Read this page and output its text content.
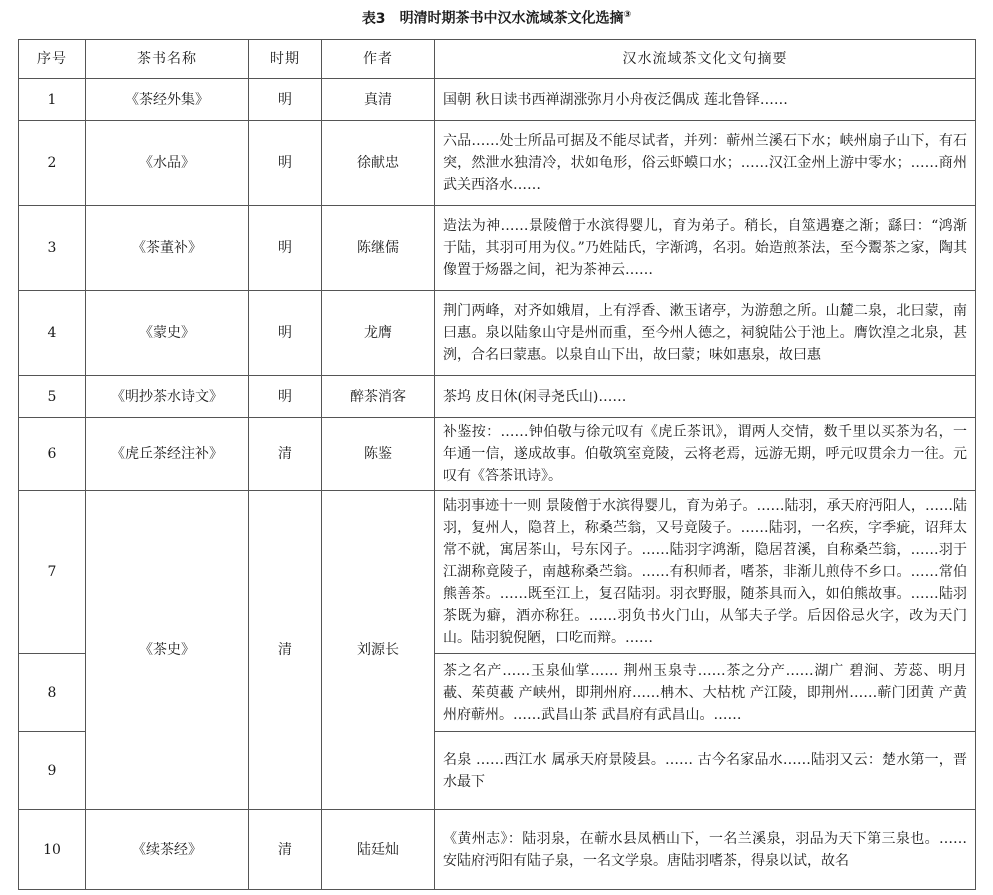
表3 明清时期茶书中汉水流域茶文化选摘③
序号	茶书名称	时期	作者	汉水流域茶文化文句摘要
1	《茶经外集》	明	真清	国朝 秋日读书西禅湖涨弥月小舟夜泛偶成 莲北鲁铎……
2	《水品》	明	徐献忠	六品……处士所品可据及不能尽试者，并列：蕲州兰溪石下水；峡州扇子山下，有石突，然泄水独清冷，状如龟形，俗云虾蟆口水；……汉江金州上游中零水；……商州武关西洛水……
3	《茶董补》	明	陈继儒	造法为神……景陵僧于水滨得婴儿，育为弟子。稍长，自筮遇蹇之渐；繇曰：“鸿渐于陆，其羽可用为仪。”乃姓陆氏，字渐鸿，名羽。始造煎茶法，至今鬻茶之家，陶其像置于炀器之间，祀为茶神云……
4	《蒙史》	明	龙膺	荆门两峰，对齐如娥眉，上有浮香、漱玉诸亭，为游憩之所。山麓二泉，北曰蒙，南曰惠。泉以陆象山守是州而重，至今州人德之，祠貌陆公于池上。膺饮湟之北泉，甚洌，合名曰蒙惠。以泉自山下出，故曰蒙；味如惠泉，故曰惠
5	《明抄茶水诗文》	明	醉茶消客	茶坞 皮日休(闲寻尧氏山)……
6	《虎丘茶经注补》	清	陈鉴	补鉴按：……钟伯敬与徐元叹有《虎丘茶讯》，谓两人交情，数千里以买茶为名，一年通一信，遂成故事。伯敬筑室竟陵，云将老焉，远游无期，呼元叹贯余力一往。元叹有《答茶讯诗》。
7	《茶史》	清	刘源长	陆羽事迹十一则 景陵僧于水滨得婴儿，育为弟子。……陆羽，承天府沔阳人，……陆羽，复州人，隐苕上，称桑苎翁，又号竟陵子。……陆羽，一名疾，字季疵，诏拜太常不就，寓居茶山，号东冈子。……陆羽字鸿渐，隐居苕溪，自称桑苎翁，……羽于江湖称竟陵子，南越称桑苎翁。……有积师者，嗜茶，非渐儿煎侍不乡口。……常伯熊善茶。……既至江上，复召陆羽。羽衣野服，随茶具而入，如伯熊故事。……陆羽茶既为癖，酒亦称狂。……羽负书火门山，从邹夫子学。后因俗忌火字，改为天门山。陆羽貌倪陋，口吃而辩。……
8				茶之名产……玉泉仙掌…… 荆州玉泉寺……茶之分产……湖广 碧涧、芳蕊、明月䕙、茱萸䕙 产峡州，即荆州府……柟木、大枯枕 产江陵，即荆州……蕲门团黄 产黄州府蕲州。……武昌山茶 武昌府有武昌山。……
9				名泉 ……西江水 属承天府景陵县。…… 古今名家品水……陆羽又云：楚水第一，晋水最下
10	《续茶经》	清	陆廷灿	《黄州志》：陆羽泉，在蕲水县凤栖山下，一名兰溪泉，羽品为天下第三泉也。……安陆府沔阳有陆子泉，一名文学泉。唐陆羽嗜茶，得泉以试，故名
